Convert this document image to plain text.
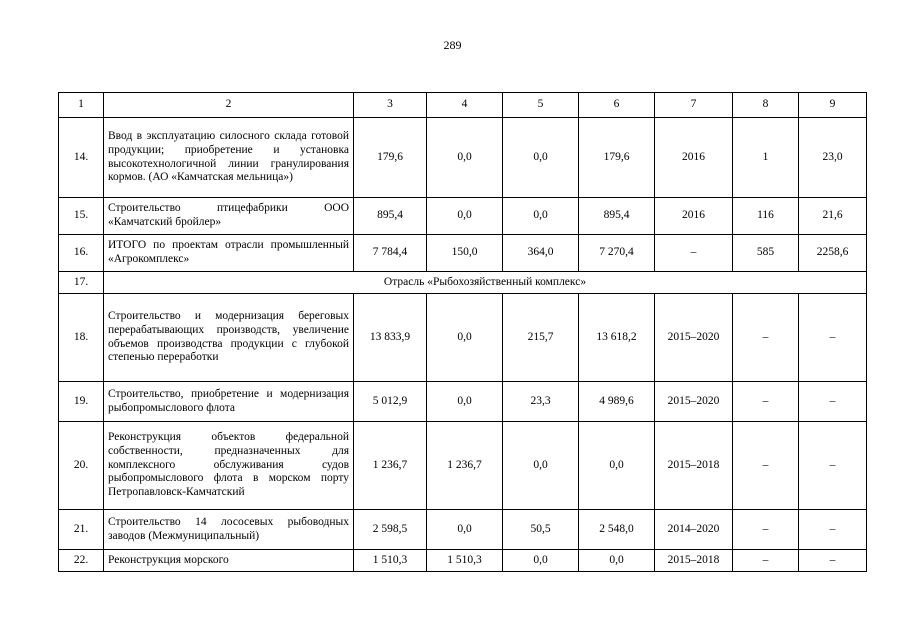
289
1	2	3	4	5	6	7	8	9
14.	Ввод в эксплуатацию силосного склада готовой продукции; приобретение и установка высокотехнологичной линии гранулирования кормов. (АО «Камчатская мельница»)	179,6	0,0	0,0	179,6	2016	1	23,0
15.	Строительство птицефабрики ООО «Камчатский бройлер»	895,4	0,0	0,0	895,4	2016	116	21,6
16.	ИТОГО по проектам отрасли промышленный «Агрокомплекс»	7 784,4	150,0	364,0	7 270,4	–	585	2258,6
17.	Отрасль «Рыбохозяйственный комплекс»							
18.	Строительство и модернизация береговых перерабатывающих производств, увеличение объемов производства продукции с глубокой степенью переработки	13 833,9	0,0	215,7	13 618,2	2015–2020	–	–
19.	Строительство, приобретение и модернизация рыбопромыслового флота	5 012,9	0,0	23,3	4 989,6	2015–2020	–	–
20.	Реконструкция объектов федеральной собственности, предназначенных для комплексного обслуживания судов рыбопромыслового флота в морском порту Петропавловск-Камчатский	1 236,7	1 236,7	0,0	0,0	2015–2018	–	–
21.	Строительство 14 лососевых рыбоводных заводов (Межмуниципальный)	2 598,5	0,0	50,5	2 548,0	2014–2020	–	–
22.	Реконструкция морского	1 510,3	1 510,3	0,0	0,0	2015–2018	–	–
